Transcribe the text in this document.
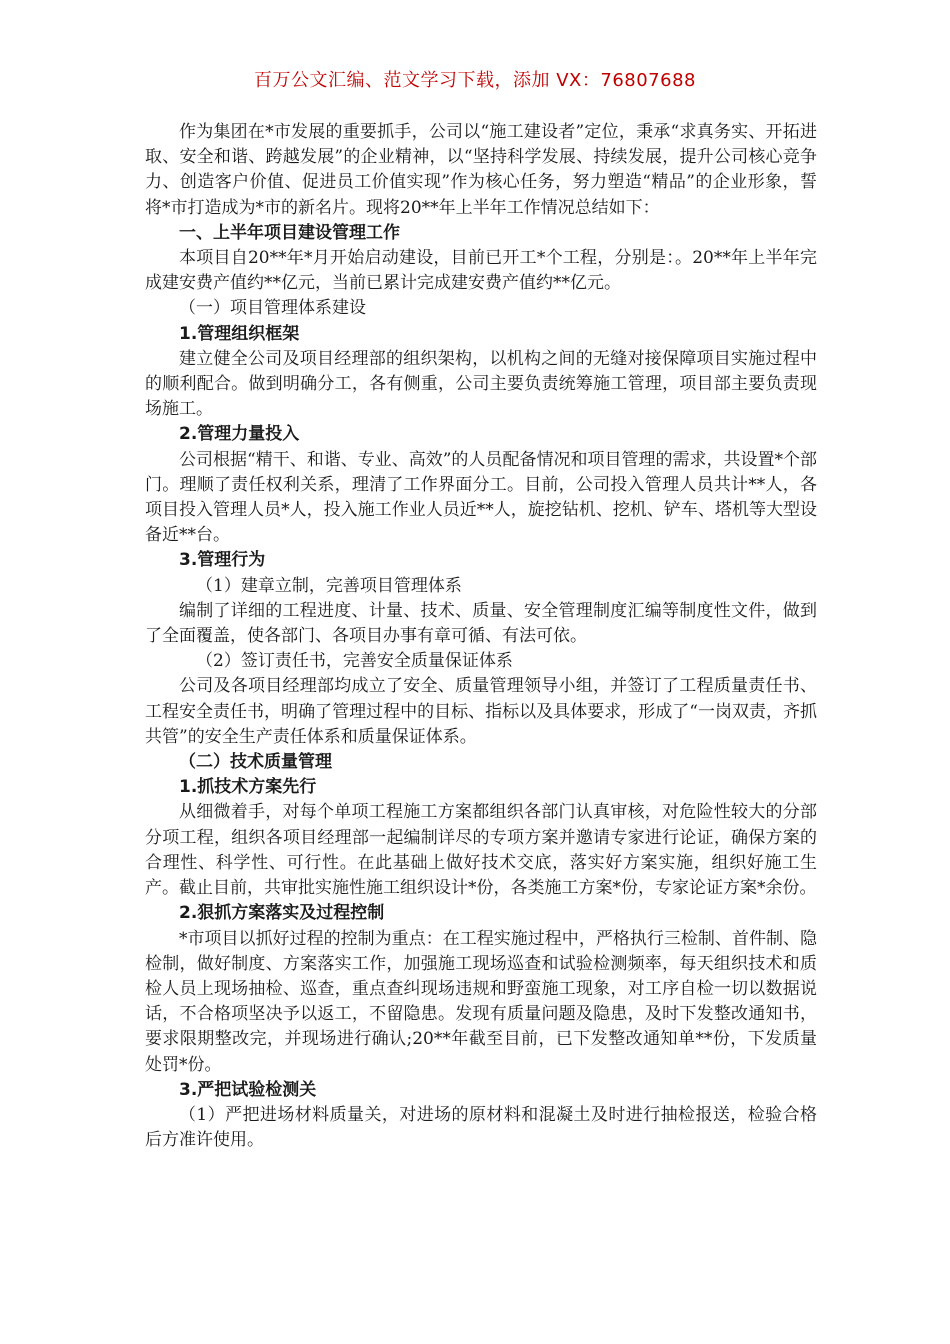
百万公文汇编、范文学习下载，添加 VX：76807688

作为集团在*市发展的重要抓手，公司以“施工建设者”定位，秉承“求真务实、开拓进取、安全和谐、跨越发展”的企业精神，以“坚持科学发展、持续发展，提升公司核心竞争力、创造客户价值、促进员工价值实现”作为核心任务，努力塑造“精品”的企业形象，誓将*市打造成为*市的新名片。现将20**年上半年工作情况总结如下：

一、上半年项目建设管理工作

本项目自20**年*月开始启动建设，目前已开工*个工程，分别是：。20**年上半年完成建安费产值约**亿元，当前已累计完成建安费产值约**亿元。

（一）项目管理体系建设

1.管理组织框架

建立健全公司及项目经理部的组织架构，以机构之间的无缝对接保障项目实施过程中的顺利配合。做到明确分工，各有侧重，公司主要负责统筹施工管理，项目部主要负责现场施工。

2.管理力量投入

公司根据“精干、和谐、专业、高效”的人员配备情况和项目管理的需求，共设置*个部门。理顺了责任权利关系，理清了工作界面分工。目前，公司投入管理人员共计**人，各项目投入管理人员*人，投入施工作业人员近**人，旋挖钻机、挖机、铲车、塔机等大型设备近**台。

3.管理行为

（1）建章立制，完善项目管理体系

编制了详细的工程进度、计量、技术、质量、安全管理制度汇编等制度性文件，做到了全面覆盖，使各部门、各项目办事有章可循、有法可依。

（2）签订责任书，完善安全质量保证体系

公司及各项目经理部均成立了安全、质量管理领导小组，并签订了工程质量责任书、工程安全责任书，明确了管理过程中的目标、指标以及具体要求，形成了“一岗双责，齐抓共管”的安全生产责任体系和质量保证体系。

（二）技术质量管理

1.抓技术方案先行

从细微着手，对每个单项工程施工方案都组织各部门认真审核，对危险性较大的分部分项工程，组织各项目经理部一起编制详尽的专项方案并邀请专家进行论证，确保方案的合理性、科学性、可行性。在此基础上做好技术交底，落实好方案实施，组织好施工生产。截止目前，共审批实施性施工组织设计*份，各类施工方案*份，专家论证方案*余份。

2.狠抓方案落实及过程控制

*市项目以抓好过程的控制为重点：在工程实施过程中，严格执行三检制、首件制、隐检制，做好制度、方案落实工作，加强施工现场巡查和试验检测频率，每天组织技术和质检人员上现场抽检、巡查，重点查纠现场违规和野蛮施工现象，对工序自检一切以数据说话，不合格项坚决予以返工，不留隐患。发现有质量问题及隐患，及时下发整改通知书，要求限期整改完，并现场进行确认;20**年截至目前，已下发整改通知单**份，下发质量处罚*份。

3.严把试验检测关

（1）严把进场材料质量关，对进场的原材料和混凝土及时进行抽检报送，检验合格后方准许使用。
